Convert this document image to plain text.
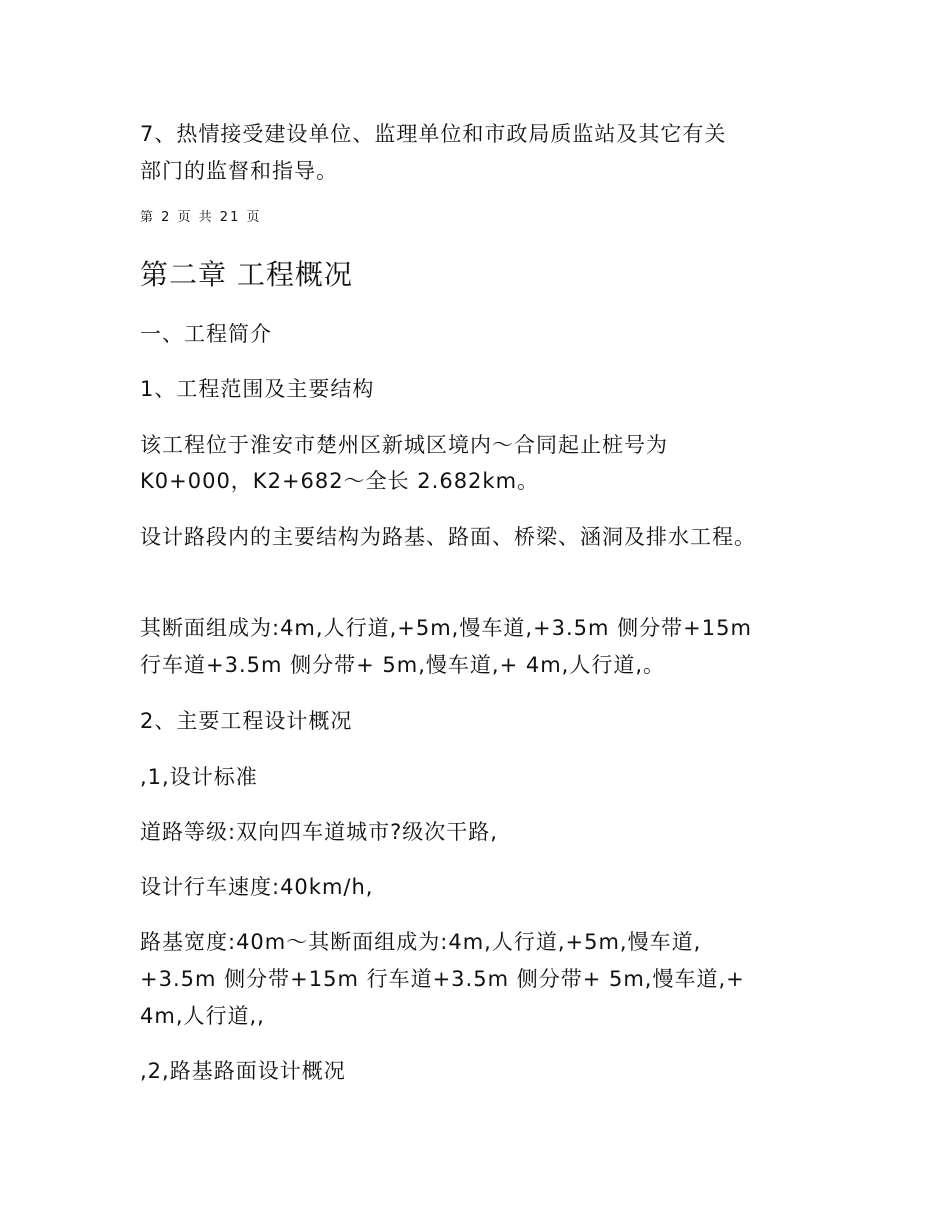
7、热情接受建设单位、监理单位和市政局质监站及其它有关
部门的监督和指导。
第 2 页 共 21 页
第二章 工程概况
一、工程简介
1、工程范围及主要结构
该工程位于淮安市楚州区新城区境内～合同起止桩号为
K0+000，K2+682～全长 2.682km。
设计路段内的主要结构为路基、路面、桥梁、涵洞及排水工程。
其断面组成为:4m,人行道,+5m,慢车道,+3.5m 侧分带+15m
行车道+3.5m 侧分带+ 5m,慢车道,+ 4m,人行道,。
2、主要工程设计概况
,1,设计标准
道路等级:双向四车道城市?级次干路,
设计行车速度:40km/h,
路基宽度:40m～其断面组成为:4m,人行道,+5m,慢车道,
+3.5m 侧分带+15m 行车道+3.5m 侧分带+ 5m,慢车道,+
4m,人行道,,
,2,路基路面设计概况
